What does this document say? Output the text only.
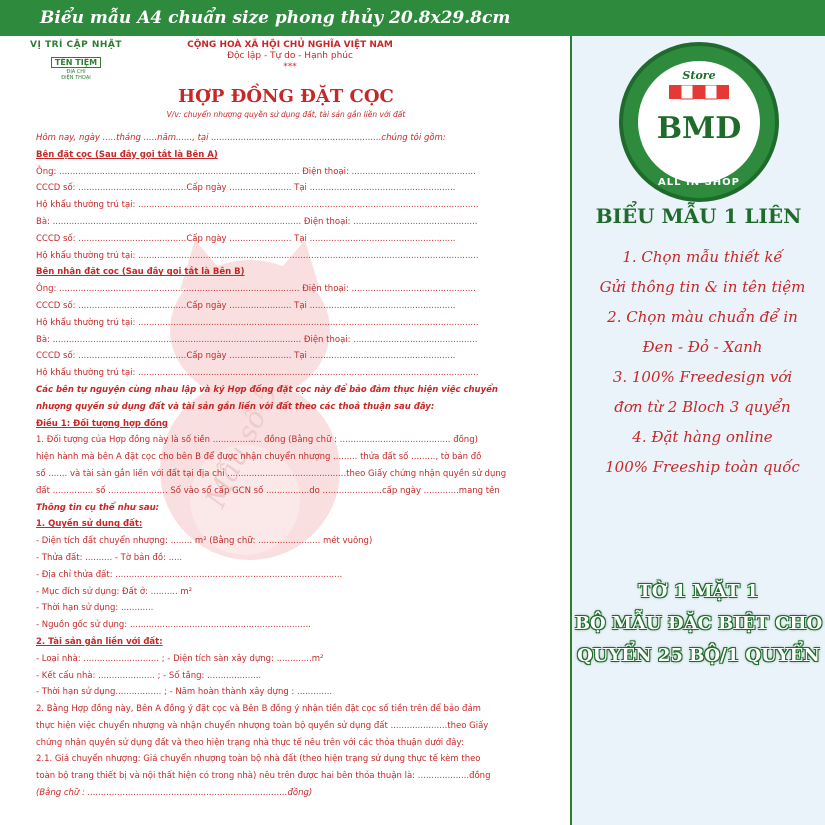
VỊ TRÍ CẬP NHẬT
TÊN TIỆM
ĐỊA CHỈ
ĐIỆN THOẠI
CỘNG HOÀ XÃ HỘI CHỦ NGHĨA VIỆT NAM
Độc lập - Tự do - Hạnh phúc
***
HỢP ĐỒNG ĐẶT CỌC
V/v: chuyển nhượng quyền sử dụng đất, tài sản gắn liền với đất
Mẫu số 5
Hôm nay, ngày .....tháng .....năm......, tại ...............................................................chúng tôi gồm:
Bên đặt cọc (Sau đây gọi tắt là Bên A)
Ông: ......................................................................................... Điện thoại: ..............................................
CCCD số: ........................................Cấp ngày ....................... Tại ......................................................
Hộ khẩu thường trú tại: ..............................................................................................................................
Bà: ............................................................................................ Điện thoại: ..............................................
CCCD số: ........................................Cấp ngày ....................... Tại ......................................................
Hộ khẩu thường trú tại: ..............................................................................................................................
Bên nhận đặt cọc (Sau đây gọi tắt là Bên B)
Ông: ......................................................................................... Điện thoại: ..............................................
CCCD số: ........................................Cấp ngày ....................... Tại ......................................................
Hộ khẩu thường trú tại: ..............................................................................................................................
Bà: ............................................................................................ Điện thoại: ..............................................
CCCD số: ........................................Cấp ngày ....................... Tại ......................................................
Hộ khẩu thường trú tại: ..............................................................................................................................
Các bên tự nguyện cùng nhau lập và ký Hợp đồng đặt cọc này để bảo đảm thực hiện việc chuyển
nhượng quyền sử dụng đất và tài sản gắn liền với đất theo các thoả thuận sau đây:
Điều 1: Đối tượng hợp đồng
1. Đối tượng của Hợp đồng này là số tiền .................. đồng (Bằng chữ : ......................................... đồng)
hiện hành mà bên A đặt cọc cho bên B để được nhận chuyển nhượng ......... thửa đất số ........., tờ bản đồ
số ....... và tài sản gắn liền với đất tại địa chỉ ............................................theo Giấy chứng nhận quyền sử dụng
đất ............... số ...................... Số vào sổ cấp GCN số ................do ......................cấp ngày .............mang tên
Thông tin cụ thể như sau:
1. Quyền sử dụng đất:
- Diện tích đất chuyển nhượng: ........ m² (Bằng chữ: ....................... mét vuông)
- Thửa đất: .......... - Tờ bản đồ: .....
- Địa chỉ thửa đất: ....................................................................................
- Mục đích sử dụng: Đất ở: .......... m²
- Thời hạn sử dụng: ............
- Nguồn gốc sử dụng: ...................................................................
2. Tài sản gắn liền với đất:
- Loại nhà: ............................ ; - Diện tích sàn xây dựng: .............m²
- Kết cấu nhà: ..................... ; - Số tầng: ....................
- Thời hạn sử dụng................. ; - Năm hoàn thành xây dựng : .............
2. Bằng Hợp đồng này, Bên A đồng ý đặt cọc và Bên B đồng ý nhận tiền đặt cọc số tiền trên để bảo đảm
thực hiện việc chuyển nhượng và nhận chuyển nhượng toàn bộ quyền sử dụng đất .....................theo Giấy
chứng nhận quyền sử dụng đất và theo hiện trạng nhà thực tế nêu trên với các thỏa thuận dưới đây:
2.1. Giá chuyển nhượng: Giá chuyển nhượng toàn bộ nhà đất (theo hiện trạng sử dụng thực tế kèm theo
toàn bộ trang thiết bị và nội thất hiện có trong nhà) nêu trên được hai bên thỏa thuận là: ...................đồng
(Bằng chữ : ..........................................................................đồng)
Biểu mẫu A4 chuẩn size phong thủy 20.8x29.8cm
Store
BMD
ALL IN SHOP
BIỂU MẪU 1 LIÊN
1. Chọn mẫu thiết kế
Gửi thông tin & in tên tiệm
2. Chọn màu chuẩn để in
Đen - Đỏ - Xanh
3. 100% Freedesign với
đơn từ 2 Bloch 3 quyển
4. Đặt hàng online
100% Freeship toàn quốc
TỜ 1 MẶT 1
BỘ MẪU ĐẶC BIỆT CHO
QUYỂN 25 BỘ/1 QUYỂN
